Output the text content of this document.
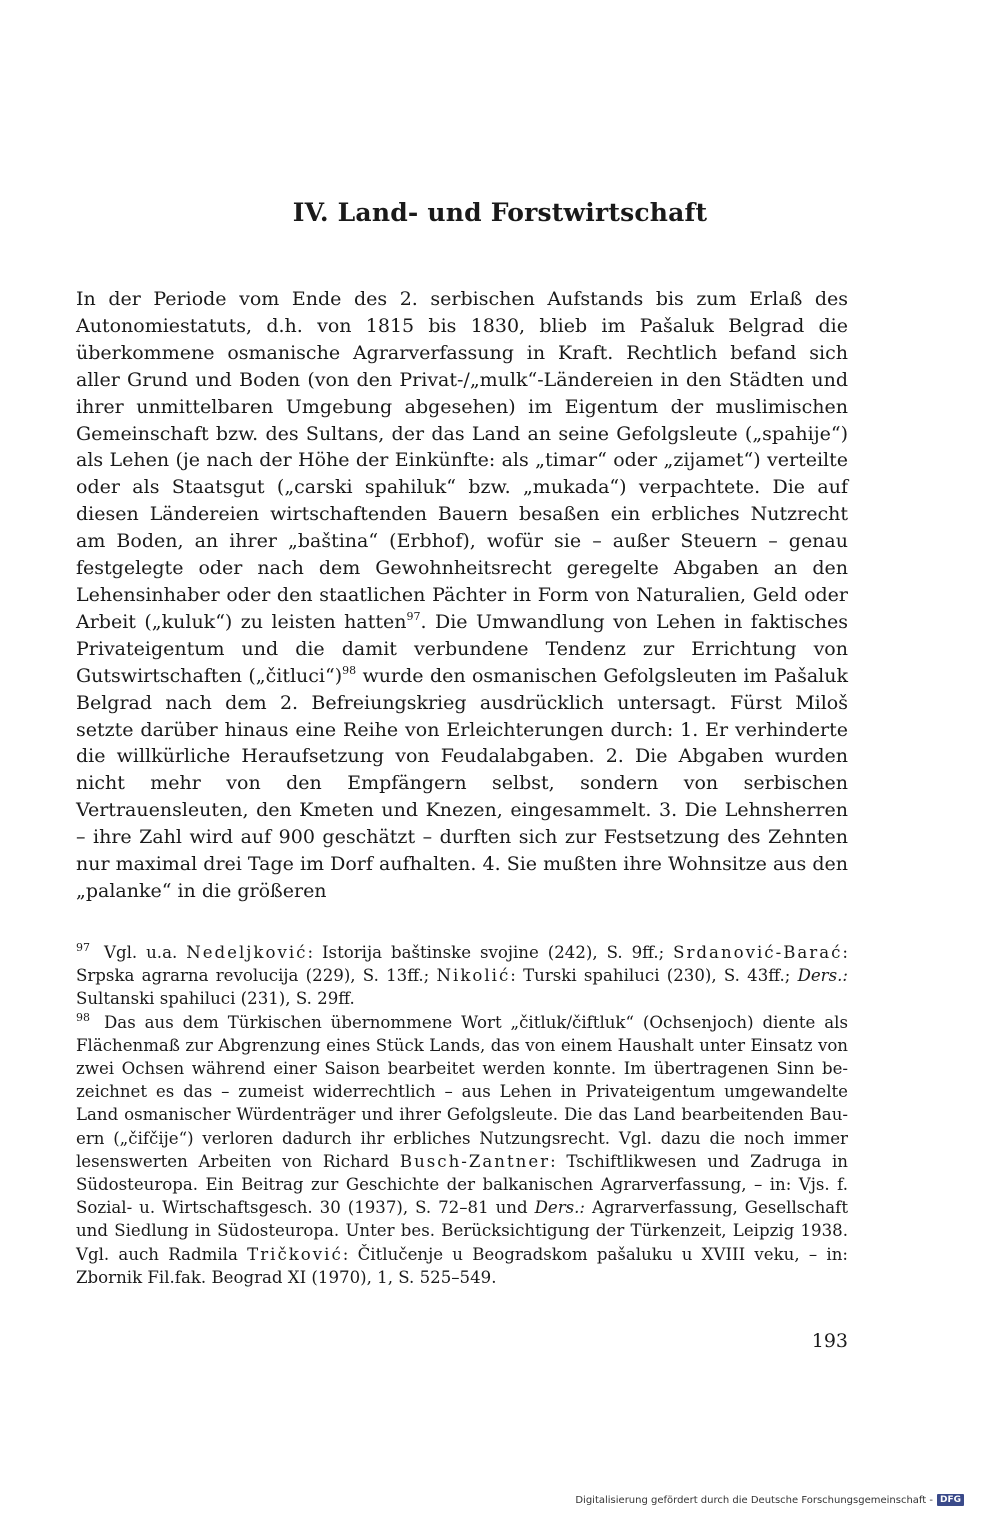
IV. Land- und Forstwirtschaft

In der Periode vom Ende des 2. serbischen Aufstands bis zum Erlaß des Autonomiestatuts, d.h. von 1815 bis 1830, blieb im Pašaluk Belgrad die überkommene osmanische Agrarverfassung in Kraft. Rechtlich befand sich aller Grund und Boden (von den Privat-/„mulk“-Ländereien in den Städten und ihrer unmittelbaren Umgebung abgesehen) im Eigentum der muslimischen Gemeinschaft bzw. des Sultans, der das Land an seine Gefolgsleute („spahije“) als Lehen (je nach der Höhe der Einkünfte: als „timar“ oder „zijamet“) verteilte oder als Staatsgut („carski spahiluk“ bzw. „mukada“) verpachtete. Die auf diesen Ländereien wirtschaftenden Bauern besaßen ein erbliches Nutzrecht am Boden, an ihrer „baština“ (Erbhof), wofür sie – außer Steuern – genau festgelegte oder nach dem Gewohnheitsrecht geregelte Abgaben an den Lehensinhaber oder den staatlichen Pächter in Form von Naturalien, Geld oder Arbeit („kuluk“) zu leisten hatten$^{97}$. Die Umwandlung von Lehen in faktisches Privateigentum und die damit verbundene Tendenz zur Errichtung von Gutswirtschaften („čitluci“)$^{98}$ wurde den osmanischen Gefolgsleuten im Pašaluk Belgrad nach dem 2. Befreiungskrieg ausdrücklich untersagt. Fürst Miloš setzte darüber hinaus eine Reihe von Erleichterungen durch: 1. Er verhinderte die willkürliche Heraufsetzung von Feudalabgaben. 2. Die Abgaben wurden nicht mehr von den Empfängern selbst, sondern von serbischen Vertrauensleuten, den Kmeten und Knezen, eingesammelt. 3. Die Lehnsherren – ihre Zahl wird auf 900 geschätzt – durften sich zur Festsetzung des Zehnten nur maximal drei Tage im Dorf aufhalten. 4. Sie mußten ihre Wohnsitze aus den „palanke“ in die größeren

$^{97}$ Vgl. u.a. Nedeljković: Istorija baštinske svojine (242), S. 9ff.; Srdanović-Barać: Srpska agrarna revolucija (229), S. 13ff.; Nikolić: Turski spahiluci (230), S. 43ff.; Ders.: Sultanski spahiluci (231), S. 29ff.

$^{98}$ Das aus dem Türkischen übernommene Wort „čitluk/čiftluk“ (Ochsenjoch) diente als Flächenmaß zur Abgrenzung eines Stück Lands, das von einem Haushalt unter Einsatz von zwei Ochsen während einer Saison bearbeitet werden konnte. Im übertragenen Sinn bezeichnet es das – zumeist widerrechtlich – aus Lehen in Privateigentum umgewandelte Land osmanischer Würdenträger und ihrer Gefolgsleute. Die das Land bearbeitenden Bauern („čifčije“) verloren dadurch ihr erbliches Nutzungsrecht. Vgl. dazu die noch immer lesenswerten Arbeiten von Richard Busch-Zantner: Tschiftlikwesen und Zadruga in Südosteuropa. Ein Beitrag zur Geschichte der balkanischen Agrarverfassung, – in: Vjs. f. Sozial- u. Wirtschaftsgesch. 30 (1937), S. 72–81 und Ders.: Agrarverfassung, Gesellschaft und Siedlung in Südosteuropa. Unter bes. Berücksichtigung der Türkenzeit, Leipzig 1938. Vgl. auch Radmila Tričković: Čitlučenje u Beogradskom pašaluku u XVIII veku, – in: Zbornik Fil.fak. Beograd XI (1970), 1, S. 525–549.

193

Digitalisierung gefördert durch die Deutsche Forschungsgemeinschaft - DFG
